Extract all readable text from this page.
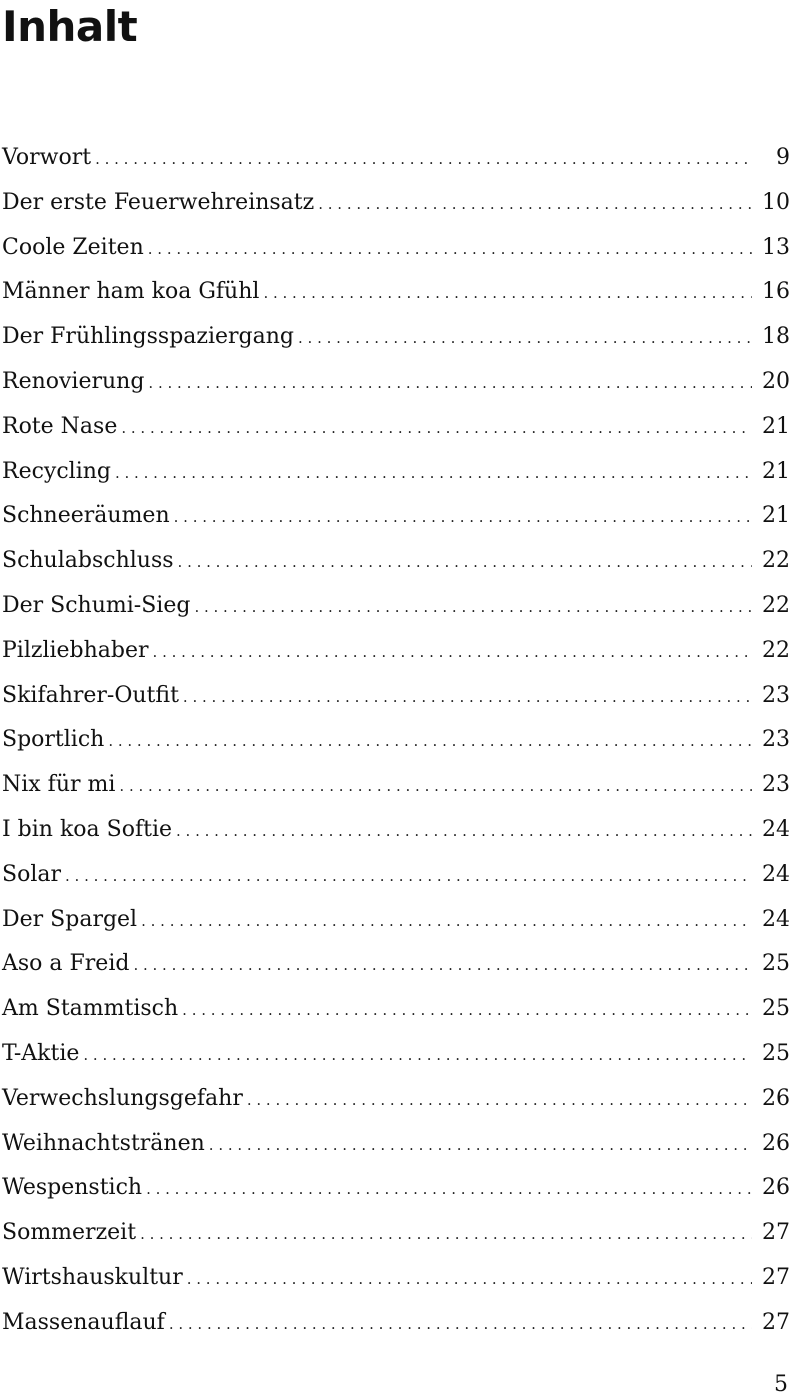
Inhalt
Vorwort . . .	9
Der erste Feuerwehreinsatz . . .	10
Coole Zeiten . . .	13
Männer ham koa Gfühl . . .	16
Der Frühlingsspaziergang . . .	18
Renovierung . . .	20
Rote Nase . . .	21
Recycling . . .	21
Schneeräumen . . .	21
Schulabschluss . . .	22
Der Schumi-Sieg . . .	22
Pilzliebhaber . . .	22
Skifahrer-Outfit . . .	23
Sportlich . . .	23
Nix für mi . . .	23
I bin koa Softie . . .	24
Solar . . .	24
Der Spargel . . .	24
Aso a Freid . . .	25
Am Stammtisch . . .	25
T-Aktie . . .	25
Verwechslungsgefahr . . .	26
Weihnachtstränen . . .	26
Wespenstich . . .	26
Sommerzeit . . .	27
Wirtshauskultur . . .	27
Massenauflauf . . .	27
5
